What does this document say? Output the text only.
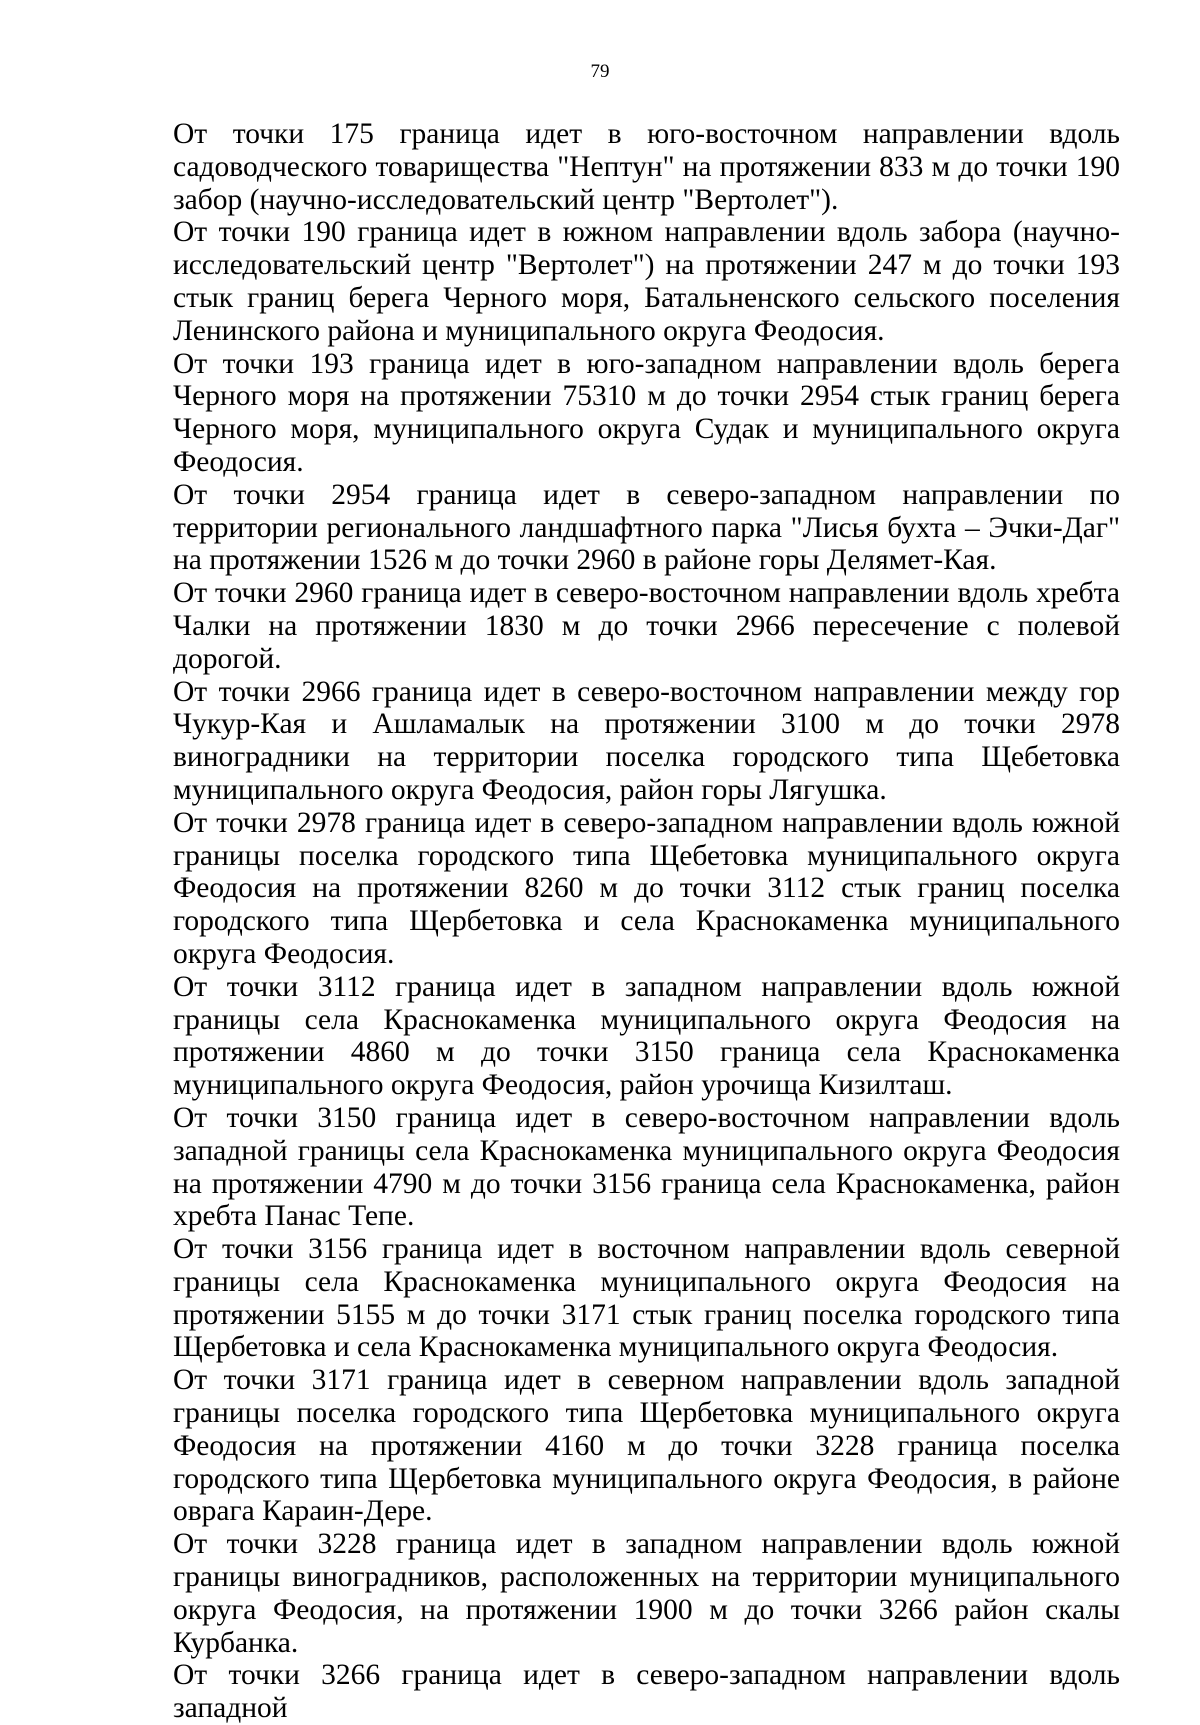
79

От точки 175 граница идет в юго-восточном направлении вдоль садоводческого товарищества "Нептун" на протяжении 833 м до точки 190 забор (научно-исследовательский центр "Вертолет").

От точки 190 граница идет в южном направлении вдоль забора (научно-исследовательский центр "Вертолет") на протяжении 247 м до точки 193 стык границ берега Черного моря, Батальненского сельского поселения Ленинского района и муниципального округа Феодосия.

От точки 193 граница идет в юго-западном направлении вдоль берега Черного моря на протяжении 75310 м до точки 2954 стык границ берега Черного моря, муниципального округа Судак и муниципального округа Феодосия.

От точки 2954 граница идет в северо-западном направлении по территории регионального ландшафтного парка "Лисья бухта – Эчки-Даг" на протяжении 1526 м до точки 2960 в районе горы Делямет-Кая.

От точки 2960 граница идет в северо-восточном направлении вдоль хребта Чалки на протяжении 1830 м до точки 2966 пересечение с полевой дорогой.

От точки 2966 граница идет в северо-восточном направлении между гор Чукур-Кая и Ашламалык на протяжении 3100 м до точки 2978 виноградники на территории поселка городского типа Щебетовка муниципального округа Феодосия, район горы Лягушка.

От точки 2978 граница идет в северо-западном направлении вдоль южной границы поселка городского типа Щебетовка муниципального округа Феодосия на протяжении 8260 м до точки 3112 стык границ поселка городского типа Щербетовка и села Краснокаменка муниципального округа Феодосия.

От точки 3112 граница идет в западном направлении вдоль южной границы села Краснокаменка муниципального округа Феодосия на протяжении 4860 м до точки 3150 граница села Краснокаменка муниципального округа Феодосия, район урочища Кизилташ.

От точки 3150 граница идет в северо-восточном направлении вдоль западной границы села Краснокаменка муниципального округа Феодосия на протяжении 4790 м до точки 3156 граница села Краснокаменка, район хребта Панас Тепе.

От точки 3156 граница идет в восточном направлении вдоль северной границы села Краснокаменка муниципального округа Феодосия на протяжении 5155 м до точки 3171 стык границ поселка городского типа Щербетовка и села Краснокаменка муниципального округа Феодосия.

От точки 3171 граница идет в северном направлении вдоль западной границы поселка городского типа Щербетовка муниципального округа Феодосия на протяжении 4160 м до точки 3228 граница поселка городского типа Щербетовка муниципального округа Феодосия, в районе оврага Караин-Дере.

От точки 3228 граница идет в западном направлении вдоль южной границы виноградников, расположенных на территории муниципального округа Феодосия, на протяжении 1900 м до точки 3266 район скалы Курбанка.

От точки 3266 граница идет в северо-западном направлении вдоль западной
